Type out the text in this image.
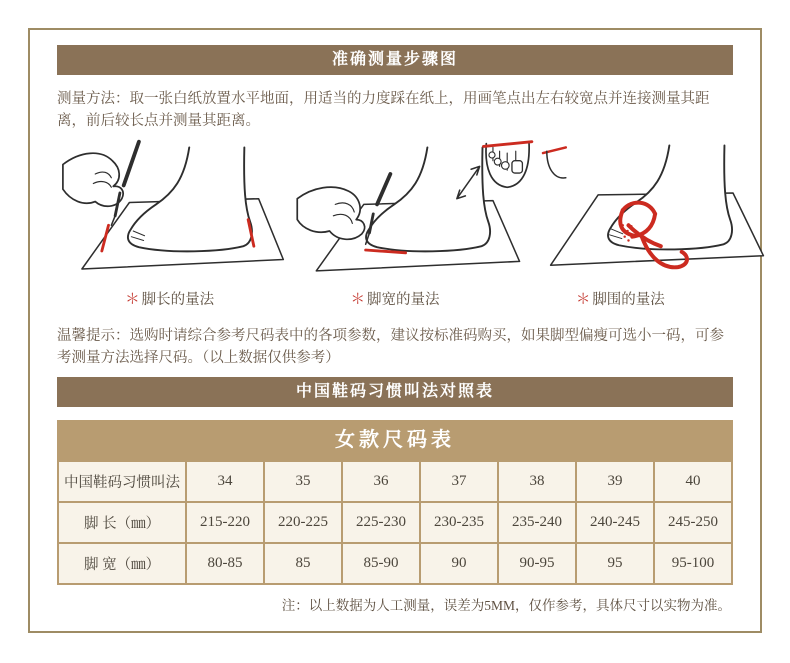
准确测量步骤图
测量方法：取一张白纸放置水平地面，用适当的力度踩在纸上，用画笔点出左右较宽点并连接测量其距离，前后较长点并测量其距离。
＊ 脚长的量法	＊ 脚宽的量法	＊ 脚围的量法
温馨提示：选购时请综合参考尺码表中的各项参数，建议按标准码购买，如果脚型偏瘦可选小一码，可参考测量方法选择尺码。（以上数据仅供参考）
中国鞋码习惯叫法对照表
女款尺码表
中国鞋码习惯叫法	34	35	36	37	38	39	40
脚 长（㎜）	215-220	220-225	225-230	230-235	235-240	240-245	245-250
脚 宽（㎜）	80-85	85	85-90	90	90-95	95	95-100
注：以上数据为人工测量，误差为5MM，仅作参考，具体尺寸以实物为准。
